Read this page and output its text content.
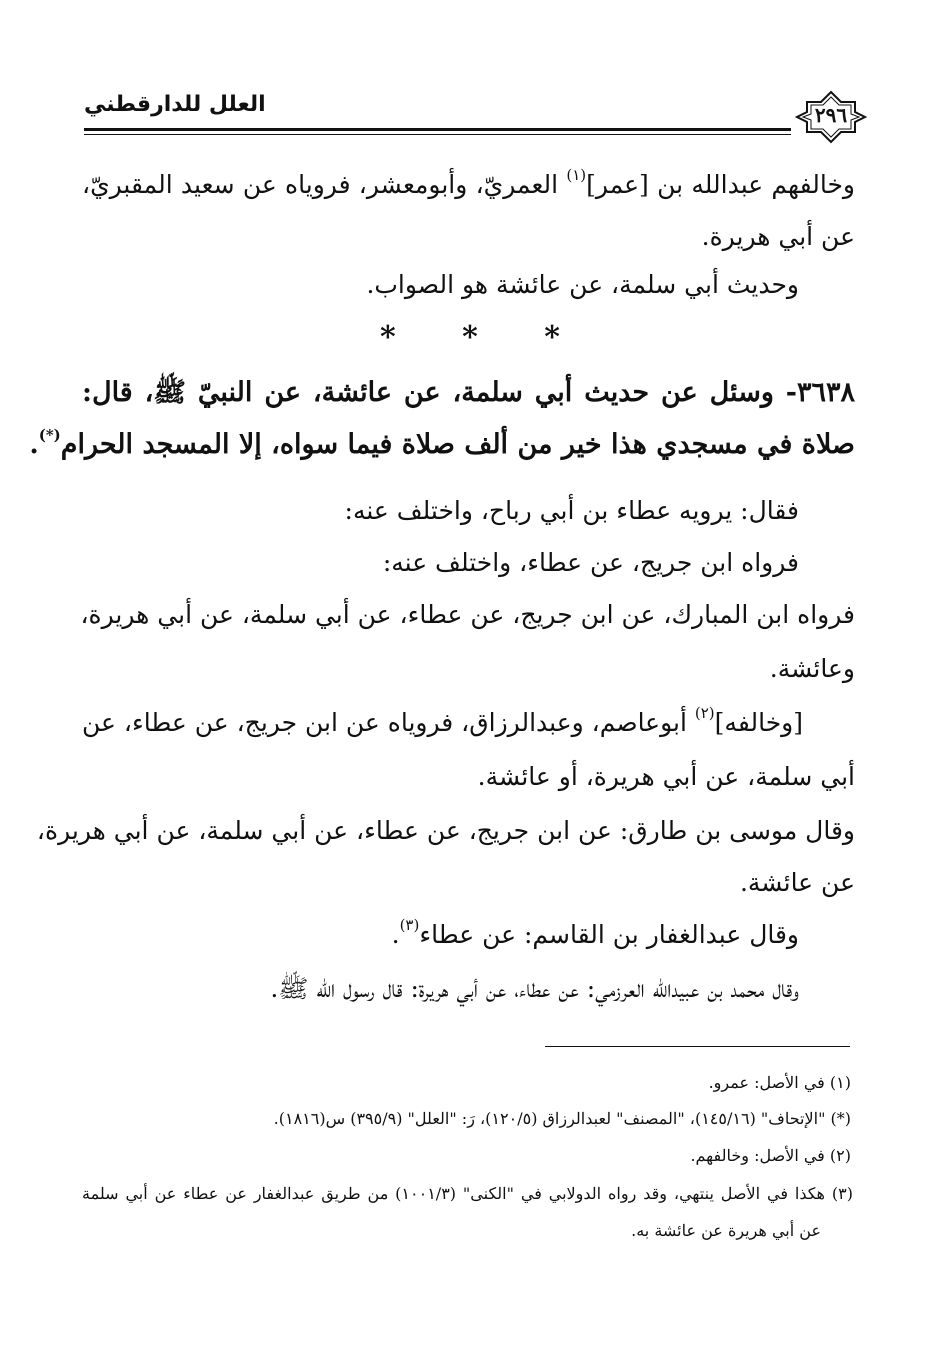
العلل للدارقطني	٢٩٦
وخالفهم عبدالله بن [عمر]$^{(١)}$ العمريّ، وأبومعشر، فروياه عن سعيد المقبريّ،
عن أبي هريرة.
وحديث أبي سلمة، عن عائشة هو الصواب.
*
*
*
٣٦٣٨- وسئل عن حديث أبي سلمة، عن عائشة، عن النبيّ ﷺ، قال:
صلاة في مسجدي هذا خير من ألف صلاة فيما سواه، إلا المسجد الحرام(*).
فقال: يرويه عطاء بن أبي رباح، واختلف عنه:
فرواه ابن جريج، عن عطاء، واختلف عنه:
فرواه ابن المبارك، عن ابن جريج، عن عطاء، عن أبي سلمة، عن أبي هريرة،
وعائشة.
[وخالفه]$^{(٢)}$ أبوعاصم، وعبدالرزاق، فروياه عن ابن جريج، عن عطاء، عن
أبي سلمة، عن أبي هريرة، أو عائشة.
وقال موسى بن طارق: عن ابن جريج، عن عطاء، عن أبي سلمة، عن أبي هريرة،
عن عائشة.
وقال عبدالغفار بن القاسم: عن عطاء$^{(٣)}$.
وقال محمد بن عبيدالله العرزمي: عن عطاء، عن أبي هريرة: قال رسول الله ﷺ.
(١) في الأصل: عمرو.
(*) "الإتحاف" (١٤٥/١٦)، "المصنف" لعبدالرزاق (١٢٠/٥)، رَ: "العلل" (٣٩٥/٩) س(١٨١٦).
(٢) في الأصل: وخالفهم.
(٣) هكذا في الأصل ينتهي، وقد رواه الدولابي في "الكنى" (١٠٠١/٣) من طريق عبدالغفار عن عطاء عن أبي سلمة
عن أبي هريرة عن عائشة به.
